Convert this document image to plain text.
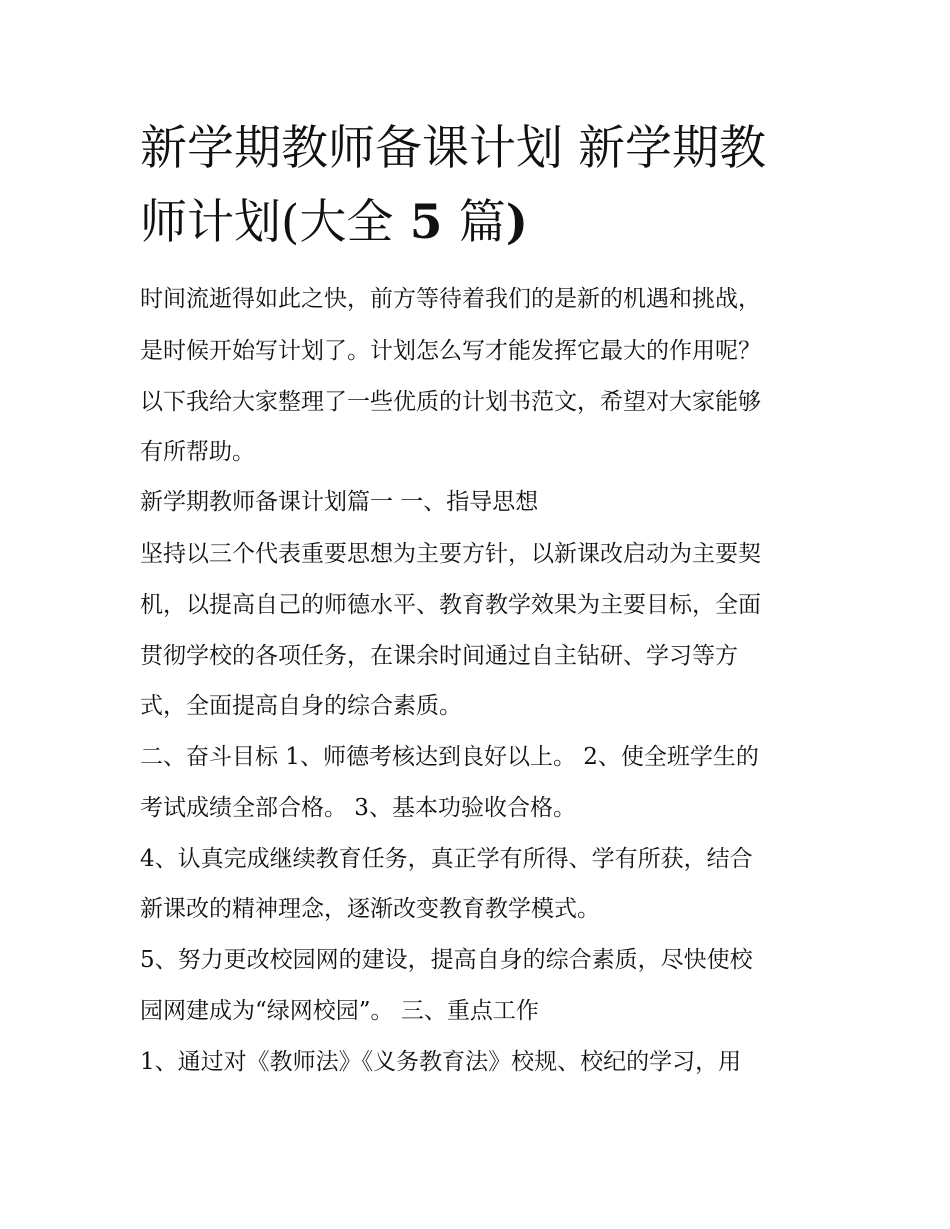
新学期教师备课计划 新学期教
师计划(大全 5 篇)

时间流逝得如此之快，前方等待着我们的是新的机遇和挑战，

是时候开始写计划了。计划怎么写才能发挥它最大的作用呢？

以下我给大家整理了一些优质的计划书范文，希望对大家能够

有所帮助。

新学期教师备课计划篇一 一、指导思想

坚持以三个代表重要思想为主要方针，以新课改启动为主要契

机，以提高自己的师德水平、教育教学效果为主要目标，全面

贯彻学校的各项任务，在课余时间通过自主钻研、学习等方

式，全面提高自身的综合素质。

二、奋斗目标 1、师德考核达到良好以上。 2、使全班学生的

考试成绩全部合格。 3、基本功验收合格。

4、认真完成继续教育任务，真正学有所得、学有所获，结合

新课改的精神理念，逐渐改变教育教学模式。

5、努力更改校园网的建设，提高自身的综合素质，尽快使校

园网建成为“绿网校园”。 三、重点工作

1、通过对《教师法》《义务教育法》校规、校纪的学习，用
